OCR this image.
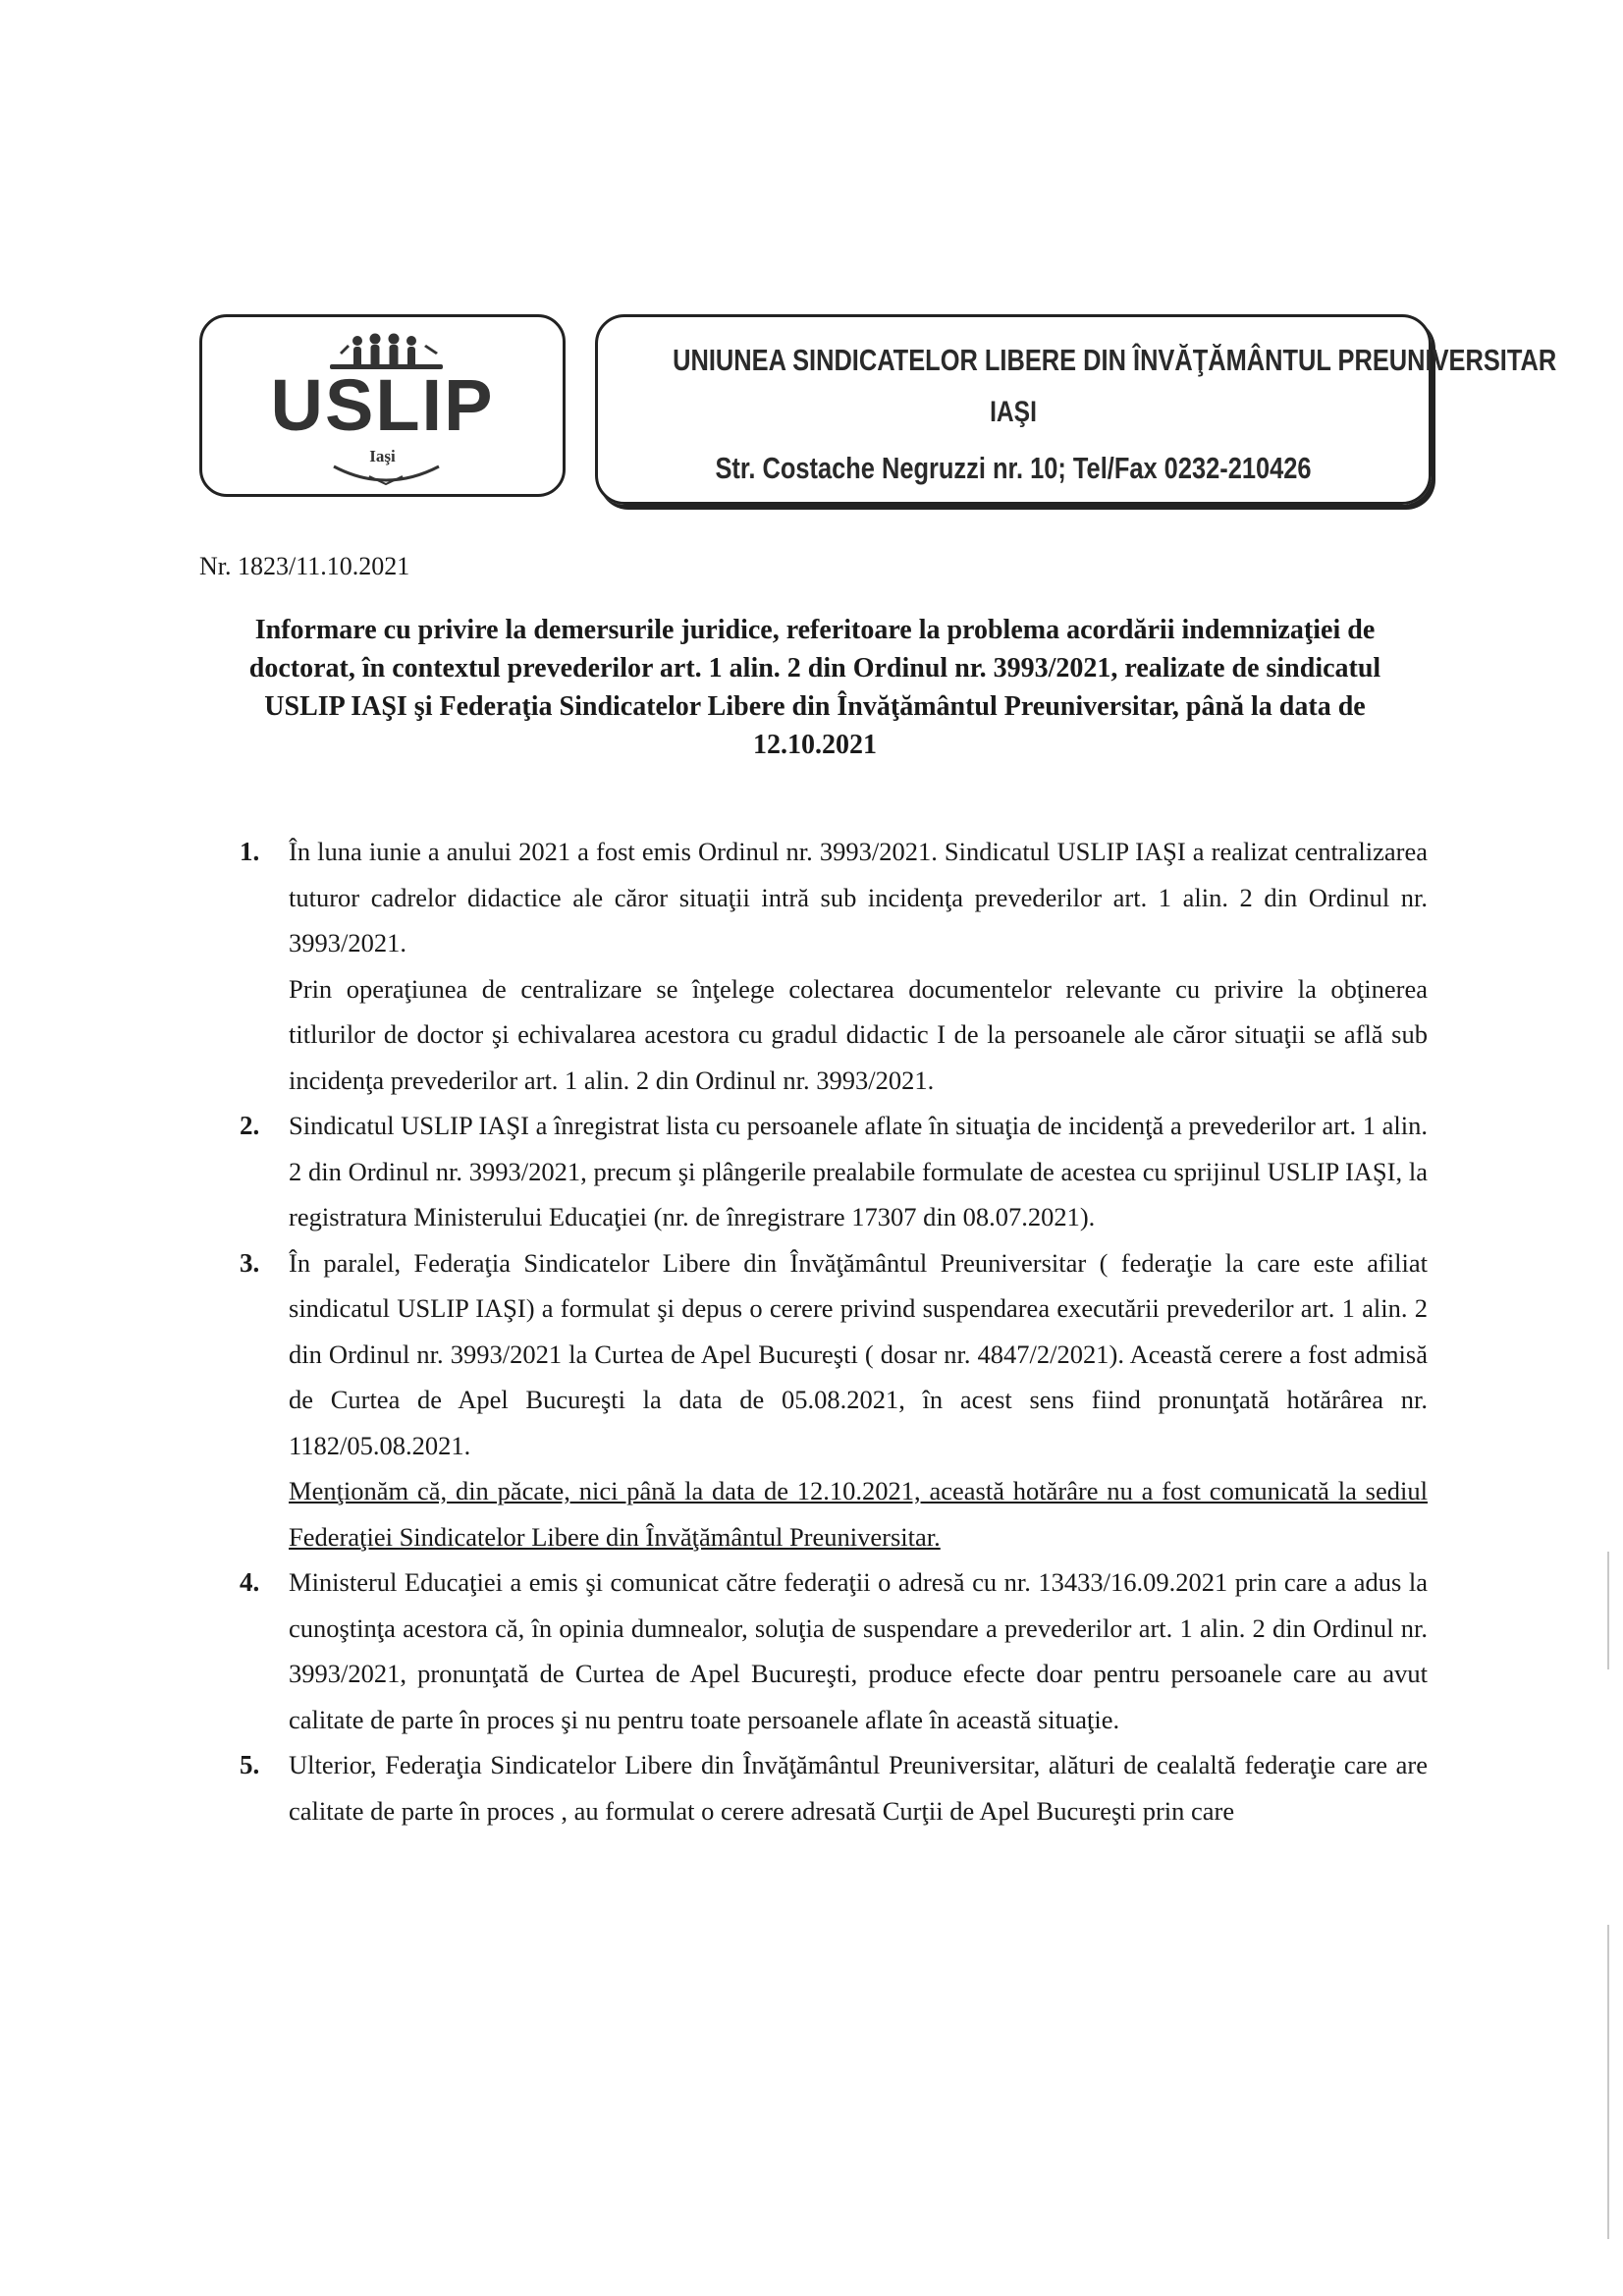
USLIP
Iaşi
UNIUNEA SINDICATELOR LIBERE DIN ÎNVĂŢĂMÂNTUL PREUNIVERSITAR
IAŞI
Str. Costache Negruzzi nr. 10; Tel/Fax 0232-210426
Nr. 1823/11.10.2021
Informare cu privire la demersurile juridice, referitoare la problema acordării indemnizaţiei de doctorat, în contextul prevederilor art. 1 alin. 2 din Ordinul nr. 3993/2021, realizate de sindicatul USLIP IAŞI şi Federaţia Sindicatelor Libere din Învăţământul Preuniversitar, până la data de 12.10.2021
1. În luna iunie a anului 2021 a fost emis Ordinul nr. 3993/2021. Sindicatul USLIP IAŞI a realizat centralizarea tuturor cadrelor didactice ale căror situaţii intră sub incidenţa prevederilor art. 1 alin. 2 din Ordinul nr. 3993/2021.

Prin operaţiunea de centralizare se înţelege colectarea documentelor relevante cu privire la obţinerea titlurilor de doctor şi echivalarea acestora cu gradul didactic I de la persoanele ale căror situaţii se află sub incidenţa prevederilor art. 1 alin. 2 din Ordinul nr. 3993/2021.

2. Sindicatul USLIP IAŞI a înregistrat lista cu persoanele aflate în situaţia de incidenţă a prevederilor art. 1 alin. 2 din Ordinul nr. 3993/2021, precum şi plângerile prealabile formulate de acestea cu sprijinul USLIP IAŞI, la registratura Ministerului Educaţiei (nr. de înregistrare 17307 din 08.07.2021).

3. În paralel, Federaţia Sindicatelor Libere din Învăţământul Preuniversitar ( federaţie la care este afiliat sindicatul USLIP IAŞI) a formulat şi depus o cerere privind suspendarea executării prevederilor art. 1 alin. 2 din Ordinul nr. 3993/2021 la Curtea de Apel Bucureşti ( dosar nr. 4847/2/2021). Această cerere a fost admisă de Curtea de Apel Bucureşti la data de 05.08.2021, în acest sens fiind pronunţată hotărârea nr. 1182/05.08.2021.

Menţionăm că, din păcate, nici până la data de 12.10.2021, această hotărâre nu a fost comunicată la sediul Federaţiei Sindicatelor Libere din Învăţământul Preuniversitar.

4. Ministerul Educaţiei a emis şi comunicat către federaţii o adresă cu nr. 13433/16.09.2021 prin care a adus la cunoştinţa acestora că, în opinia dumnealor, soluţia de suspendare a prevederilor art. 1 alin. 2 din Ordinul nr. 3993/2021, pronunţată de Curtea de Apel Bucureşti, produce efecte doar pentru persoanele care au avut calitate de parte în proces şi nu pentru toate persoanele aflate în această situaţie.

5. Ulterior, Federaţia Sindicatelor Libere din Învăţământul Preuniversitar, alături de cealaltă federaţie care are calitate de parte în proces , au formulat o cerere adresată Curţii de Apel Bucureşti prin care
